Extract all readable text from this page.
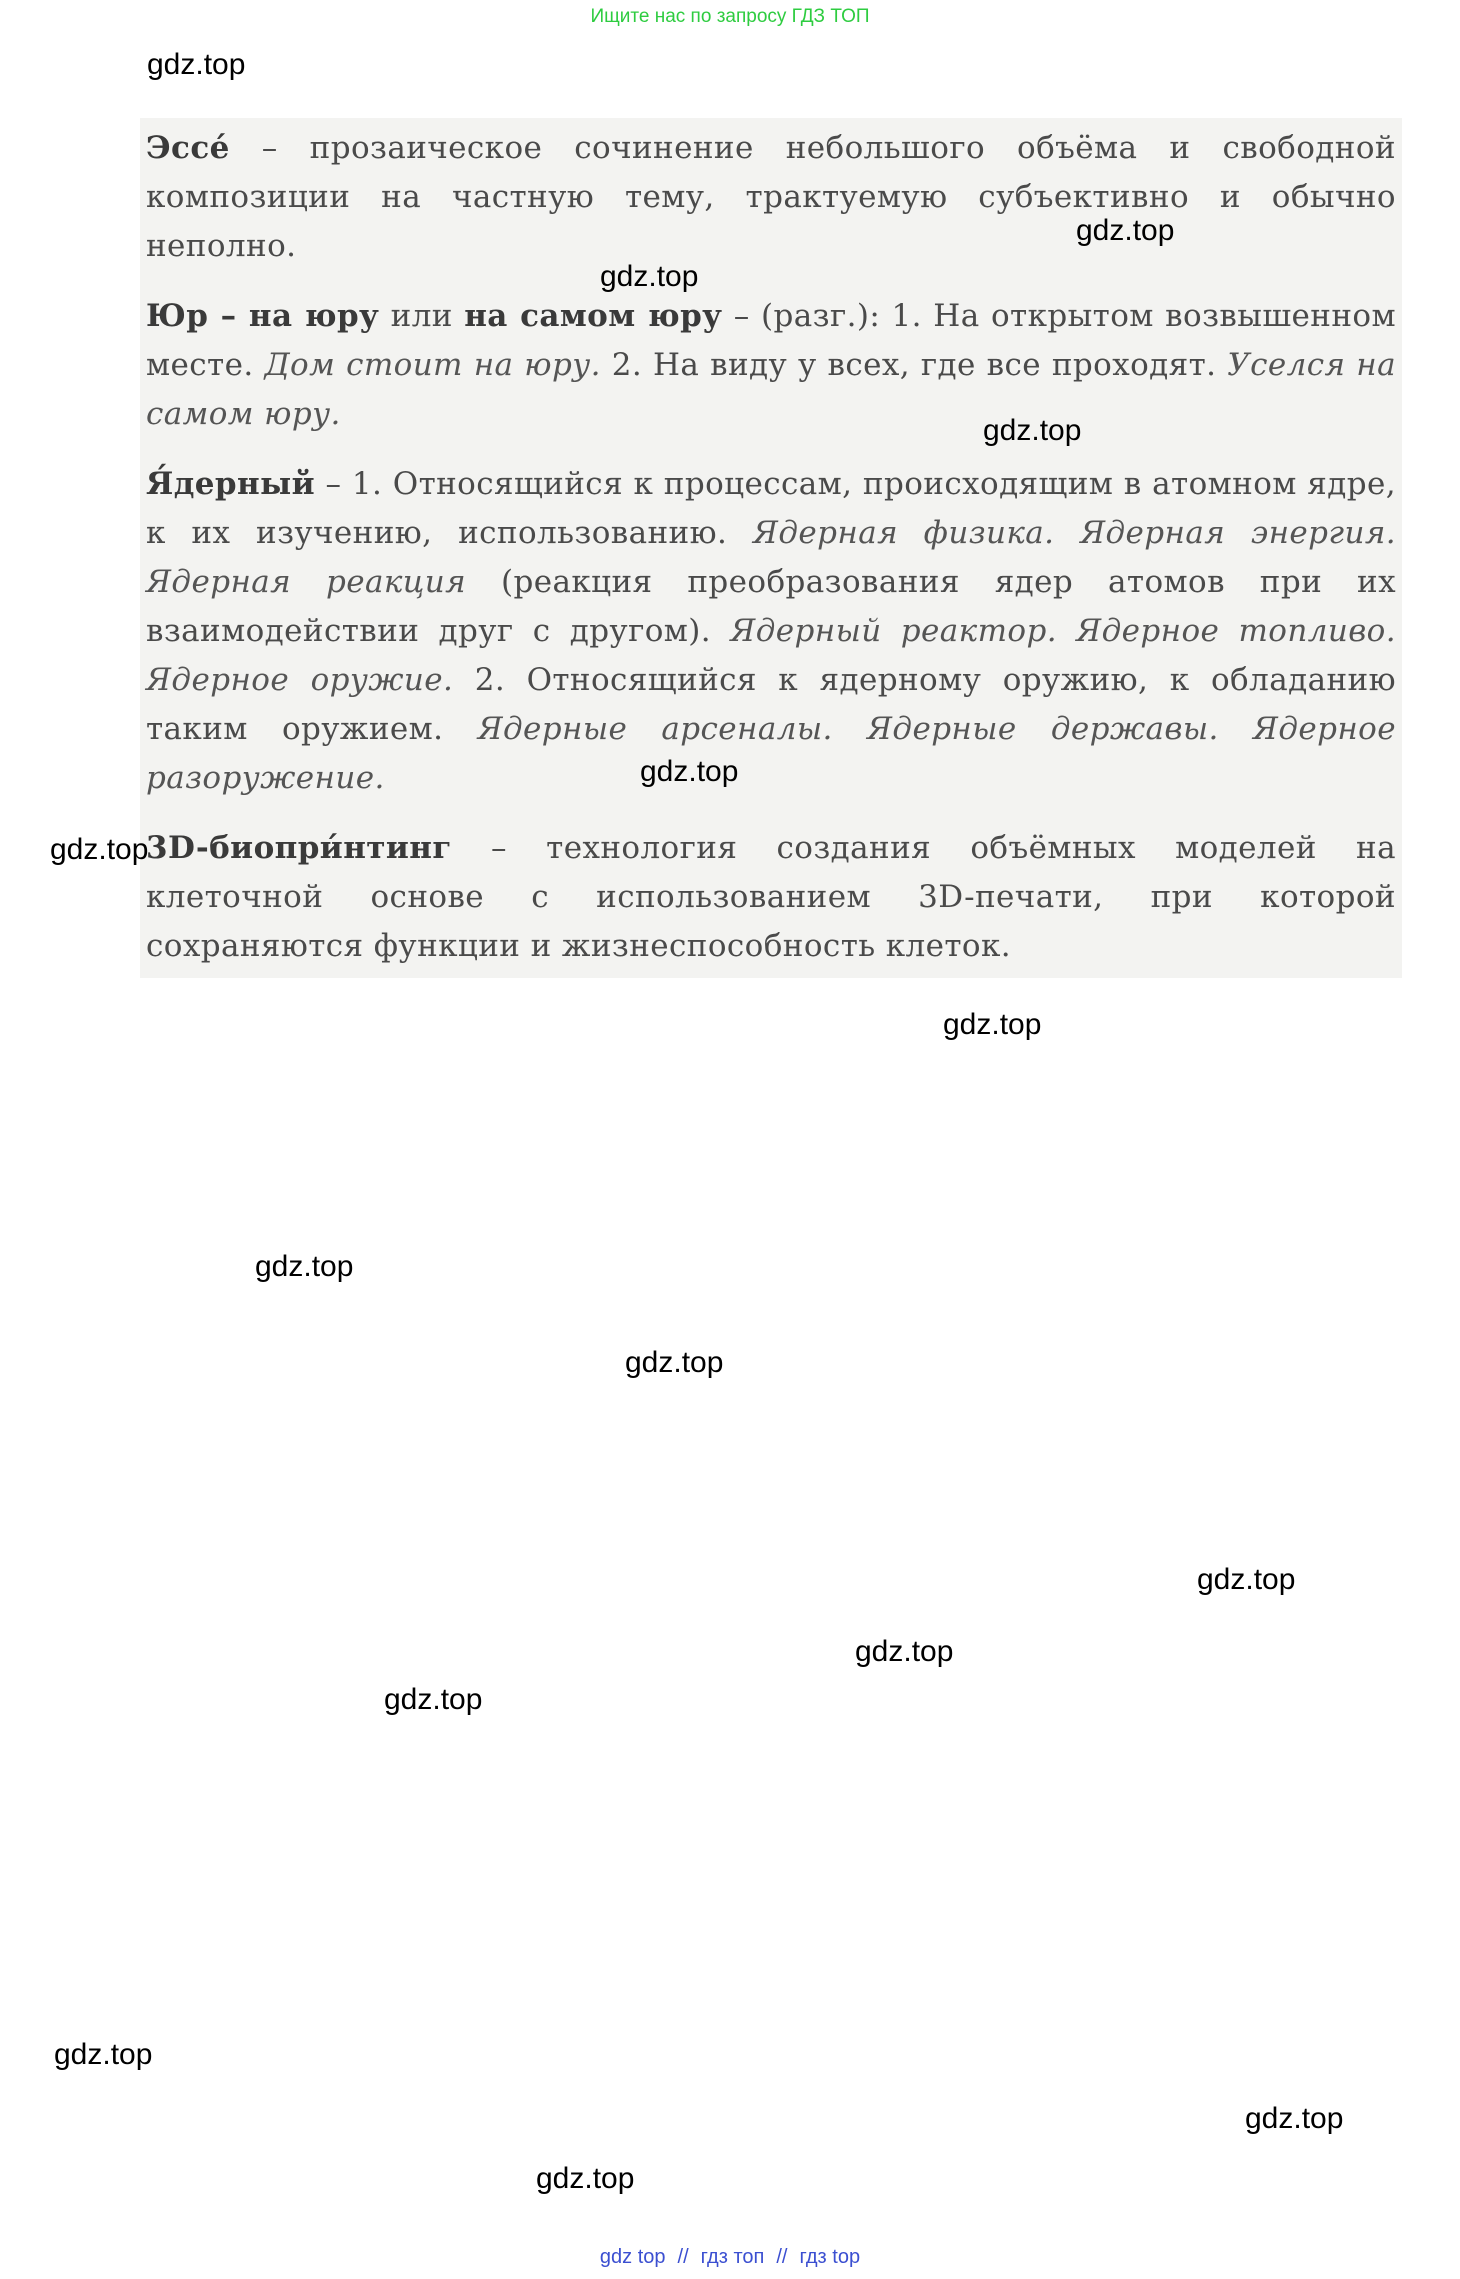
Ищите нас по запросу ГДЗ ТОП
gdz.top
Эссе́ – прозаическое сочинение небольшого объёма и свободной композиции на частную тему, трактуемую субъективно и обычно неполно.
Юр – на юру или на самом юру – (разг.): 1. На открытом возвышенном месте. Дом стоит на юру. 2. На виду у всех, где все проходят. Уселся на самом юру.
Я́дерный – 1. Относящийся к процессам, происходящим в атомном ядре, к их изучению, использованию. Ядерная физика. Ядерная энергия. Ядерная реакция (реакция преобразования ядер атомов при их взаимодействии друг с другом). Ядерный реактор. Ядерное топливо. Ядерное оружие. 2. Относящийся к ядерному оружию, к обладанию таким оружием. Ядерные арсеналы. Ядерные державы. Ядерное разоружение.
3D-биопри́нтинг – технология создания объёмных моделей на клеточной основе с использованием 3D-печати, при которой сохраняются функции и жизнеспособность клеток.
gdz.top
gdz.top
gdz.top
gdz.top
gdz.top
gdz.top
gdz.top
gdz.top
gdz.top
gdz.top
gdz.top
gdz.top
gdz.top
gdz.top
gdz top // гдз топ // гдз top
